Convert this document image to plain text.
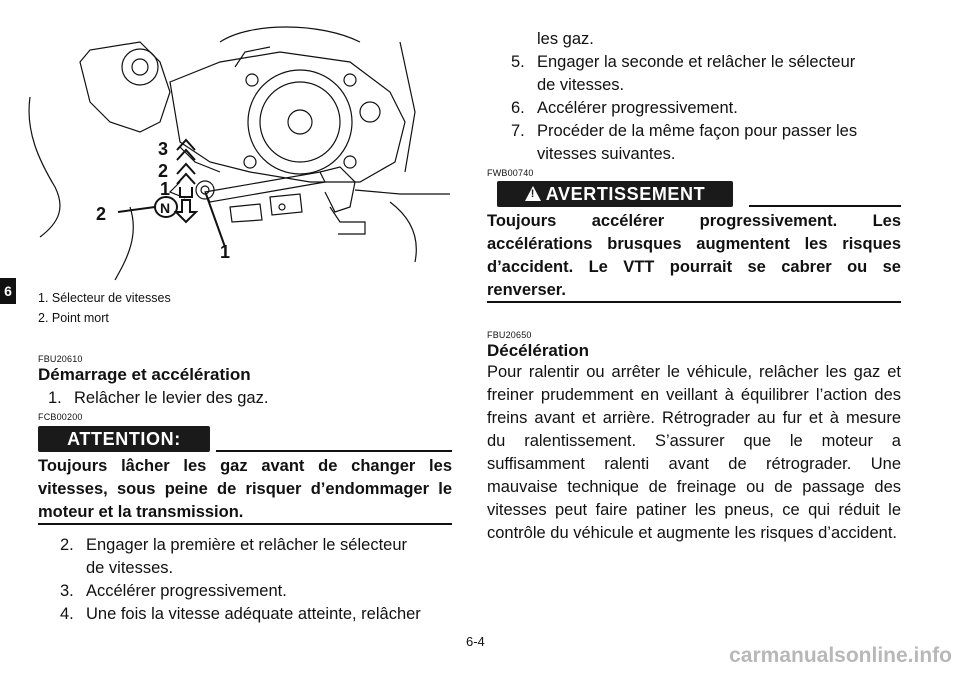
6
3
2
1
N
2
1
1. Sélecteur de vitesses
2. Point mort
FBU20610
Démarrage et accélération
1. Relâcher le levier des gaz.
FCB00200
ATTENTION:
Toujours lâcher les gaz avant de changer les vitesses, sous peine de risquer d’endommager le moteur et la transmission.
2. Engager la première et relâcher le sélecteur
de vitesses.
3. Accélérer progressivement.
4. Une fois la vitesse adéquate atteinte, relâcher
les gaz.
5. Engager la seconde et relâcher le sélecteur
de vitesses.
6. Accélérer progressivement.
7. Procéder de la même façon pour passer les
vitesses suivantes.
FWB00740
!AVERTISSEMENT
Toujours accélérer progressivement. Les accélérations brusques augmentent les risques d’accident. Le VTT pourrait se cabrer ou se renverser.
FBU20650
Décélération
Pour ralentir ou arrêter le véhicule, relâcher les gaz et freiner prudemment en veillant à équilibrer l’action des freins avant et arrière. Rétrograder au fur et à mesure du ralentissement. S’assurer que le moteur a suffisamment ralenti avant de rétrograder. Une mauvaise technique de freinage ou de passage des vitesses peut faire patiner les pneus, ce qui réduit le contrôle du véhicule et augmente les risques d’accident.
6-4
carmanualsonline.info
